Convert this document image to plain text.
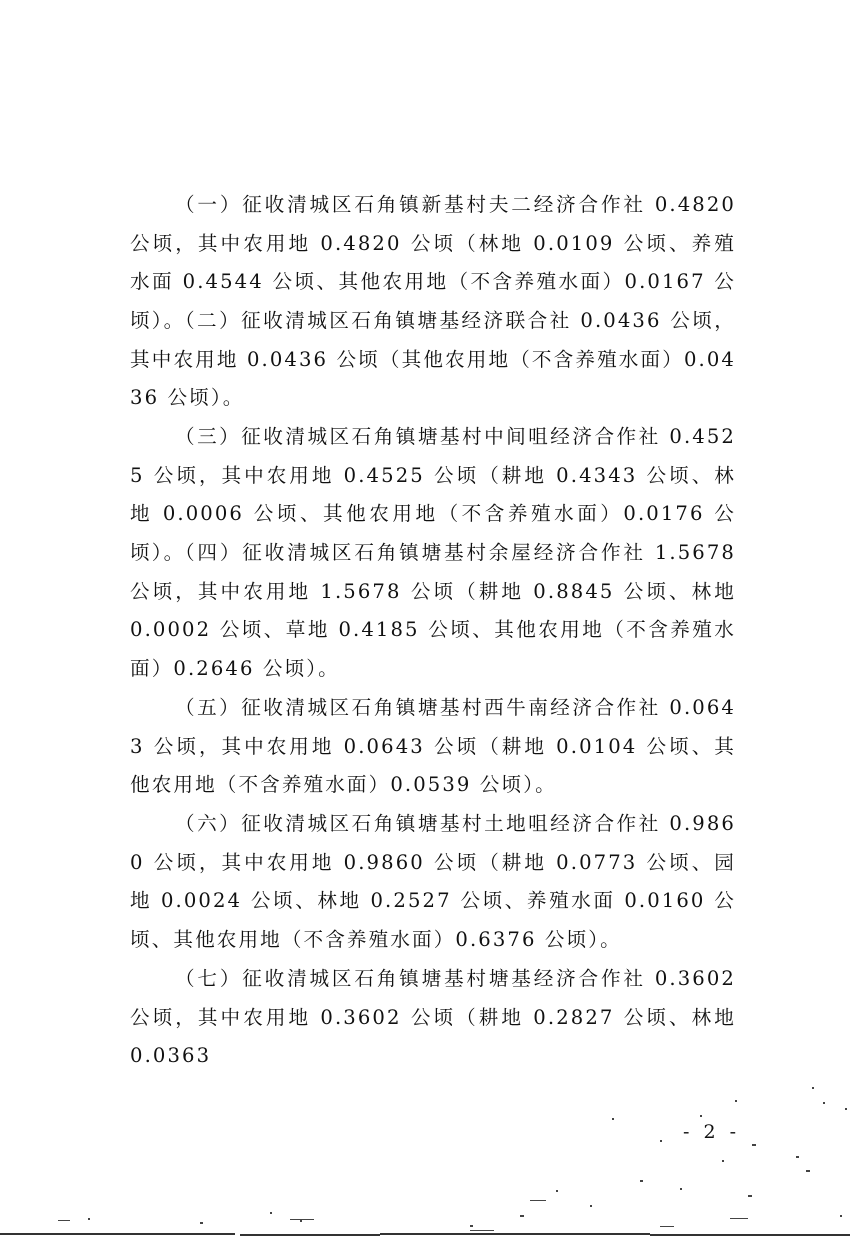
（一）征收清城区石角镇新基村夫二经济合作社 0.4820 公顷，其中农用地 0.4820 公顷（林地 0.0109 公顷、养殖水面 0.4544 公顷、其他农用地（不含养殖水面）0.0167 公顷）。

（二）征收清城区石角镇塘基经济联合社 0.0436 公顷，其中农用地 0.0436 公顷（其他农用地（不含养殖水面）0.0436 公顷）。

（三）征收清城区石角镇塘基村中间咀经济合作社 0.4525 公顷，其中农用地 0.4525 公顷（耕地 0.4343 公顷、林地 0.0006 公顷、其他农用地（不含养殖水面）0.0176 公顷）。

（四）征收清城区石角镇塘基村余屋经济合作社 1.5678 公顷，其中农用地 1.5678 公顷（耕地 0.8845 公顷、林地 0.0002 公顷、草地 0.4185 公顷、其他农用地（不含养殖水面）0.2646 公顷）。

（五）征收清城区石角镇塘基村西牛南经济合作社 0.0643 公顷，其中农用地 0.0643 公顷（耕地 0.0104 公顷、其他农用地（不含养殖水面）0.0539 公顷）。

（六）征收清城区石角镇塘基村土地咀经济合作社 0.9860 公顷，其中农用地 0.9860 公顷（耕地 0.0773 公顷、园地 0.0024 公顷、林地 0.2527 公顷、养殖水面 0.0160 公顷、其他农用地（不含养殖水面）0.6376 公顷）。

（七）征收清城区石角镇塘基村塘基经济合作社 0.3602 公顷，其中农用地 0.3602 公顷（耕地 0.2827 公顷、林地 0.0363

- 2 -
